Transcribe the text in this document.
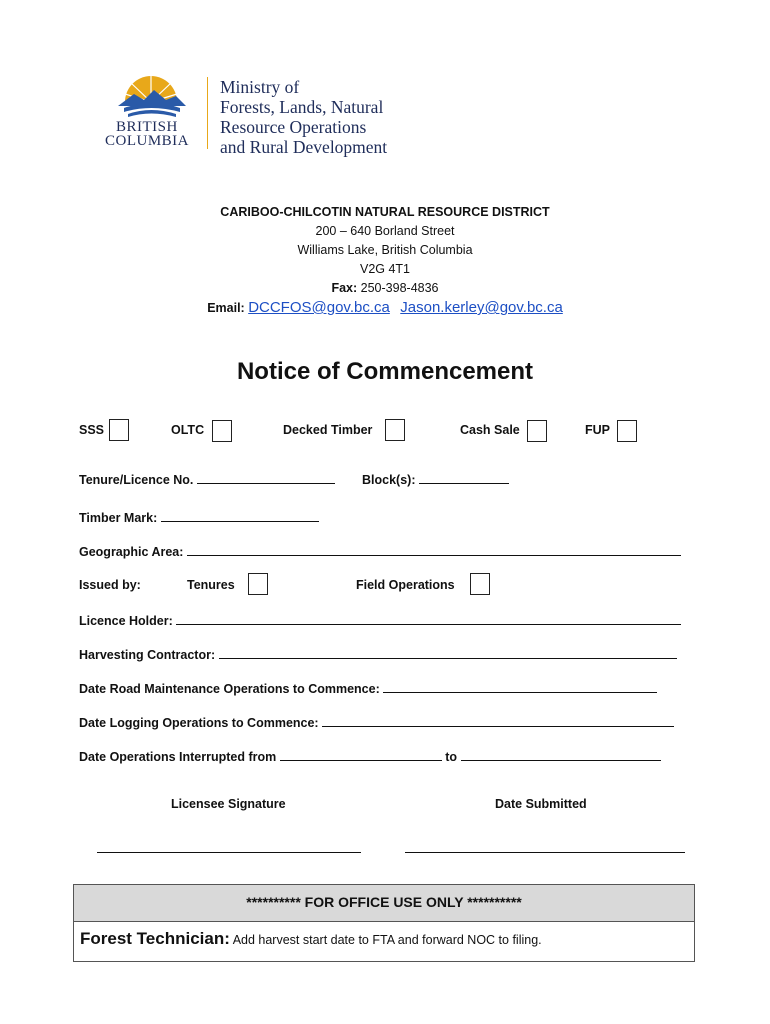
BRITISH
COLUMBIA
Ministry of
Forests, Lands, Natural
Resource Operations
and Rural Development
CARIBOO-CHILCOTIN NATURAL RESOURCE DISTRICT
200 – 640 Borland Street
Williams Lake, British Columbia
V2G 4T1
Fax: 250-398-4836
Email: DCCFOS@gov.bc.ca Jason.kerley@gov.bc.ca
Notice of Commencement
SSS	OLTC	Decked Timber	Cash Sale	FUP
Tenure/Licence No.	Block(s):
Timber Mark:
Geographic Area:
Issued by:	Tenures	Field Operations
Licence Holder:
Harvesting Contractor:
Date Road Maintenance Operations to Commence:
Date Logging Operations to Commence:
Date Operations Interrupted from	to
Licensee Signature	Date Submitted
********** FOR OFFICE USE ONLY **********
Forest Technician: Add harvest start date to FTA and forward NOC to filing.
